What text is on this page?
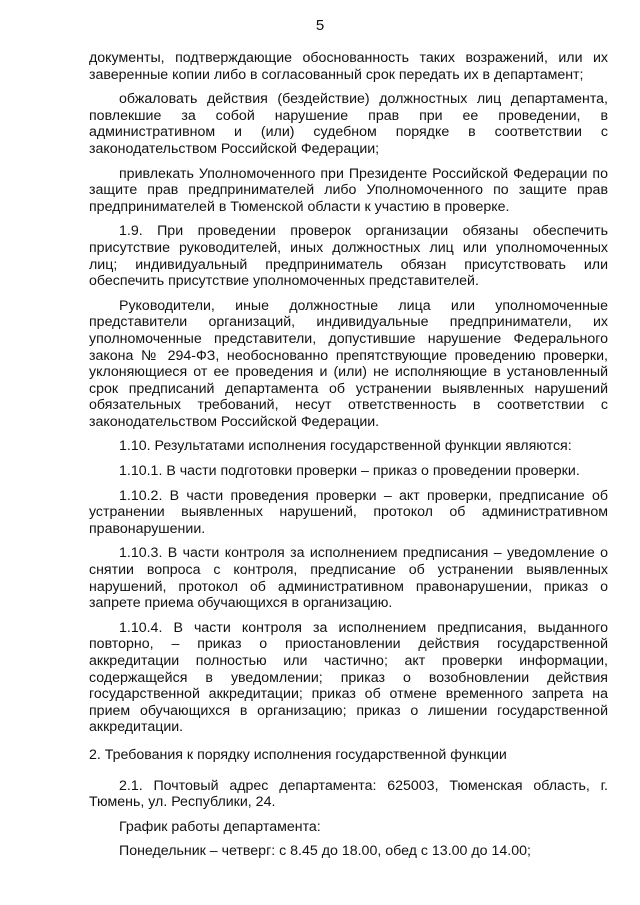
5

документы, подтверждающие обоснованность таких возражений, или их заверенные копии либо в согласованный срок передать их в департамент;

обжаловать действия (бездействие) должностных лиц департамента, повлекшие за собой нарушение прав при ее проведении, в административном и (или) судебном порядке в соответствии с законодательством Российской Федерации;

привлекать Уполномоченного при Президенте Российской Федерации по защите прав предпринимателей либо Уполномоченного по защите прав предпринимателей в Тюменской области к участию в проверке.

1.9. При проведении проверок организации обязаны обеспечить присутствие руководителей, иных должностных лиц или уполномоченных лиц; индивидуальный предприниматель обязан присутствовать или обеспечить присутствие уполномоченных представителей.

Руководители, иные должностные лица или уполномоченные представители организаций, индивидуальные предприниматели, их уполномоченные представители, допустившие нарушение Федерального закона № 294-ФЗ, необоснованно препятствующие проведению проверки, уклоняющиеся от ее проведения и (или) не исполняющие в установленный срок предписаний департамента об устранении выявленных нарушений обязательных требований, несут ответственность в соответствии с законодательством Российской Федерации.

1.10. Результатами исполнения государственной функции являются:

1.10.1. В части подготовки проверки – приказ о проведении проверки.

1.10.2. В части проведения проверки – акт проверки, предписание об устранении выявленных нарушений, протокол об административном правонарушении.

1.10.3. В части контроля за исполнением предписания – уведомление о снятии вопроса с контроля, предписание об устранении выявленных нарушений, протокол об административном правонарушении, приказ о запрете приема обучающихся в организацию.

1.10.4. В части контроля за исполнением предписания, выданного повторно, – приказ о приостановлении действия государственной аккредитации полностью или частично; акт проверки информации, содержащейся в уведомлении; приказ о возобновлении действия государственной аккредитации; приказ об отмене временного запрета на прием обучающихся в организацию; приказ о лишении государственной аккредитации.

2. Требования к порядку исполнения государственной функции

2.1. Почтовый адрес департамента: 625003, Тюменская область, г. Тюмень, ул. Республики, 24.

График работы департамента:

Понедельник – четверг: с 8.45 до 18.00, обед с 13.00 до 14.00;
